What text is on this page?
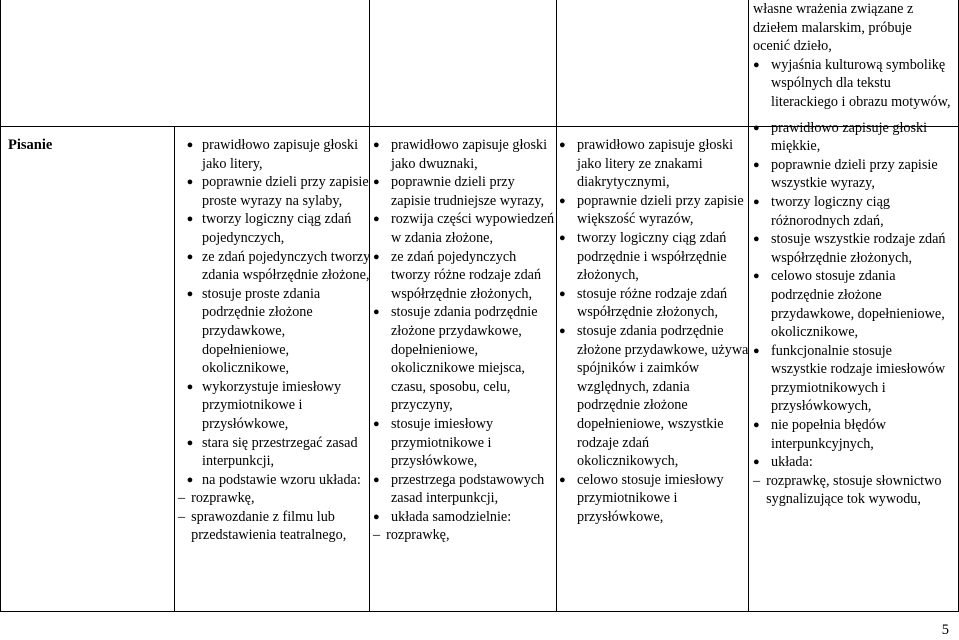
Pisanie	● prawidłowo zapisuje głoski jako litery,
● poprawnie dzieli przy zapisie proste wyrazy na sylaby,
● tworzy logiczny ciąg zdań pojedynczych,
● ze zdań pojedynczych tworzy zdania współrzędnie złożone,
● stosuje proste zdania podrzędnie złożone przydawkowe, dopełnieniowe, okolicznikowe,
● wykorzystuje imiesłowy przymiotnikowe i przysłówkowe,
● stara się przestrzegać zasad interpunkcji,
● na podstawie wzoru układa:
– rozprawkę,
– sprawozdanie z filmu lub przedstawienia teatralnego,
● prawidłowo zapisuje głoski jako dwuznaki,
● poprawnie dzieli przy zapisie trudniejsze wyrazy,
● rozwija części wypowiedzeń w zdania złożone,
● ze zdań pojedynczych tworzy różne rodzaje zdań współrzędnie złożonych,
● stosuje zdania podrzędnie złożone przydawkowe, dopełnieniowe, okolicznikowe miejsca, czasu, sposobu, celu, przyczyny,
● stosuje imiesłowy przymiotnikowe i przysłówkowe,
● przestrzega podstawowych zasad interpunkcji,
● układa samodzielnie:
– rozprawkę,
● prawidłowo zapisuje głoski jako litery ze znakami diakrytycznymi,
● poprawnie dzieli przy zapisie większość wyrazów,
● tworzy logiczny ciąg zdań podrzędnie i współrzędnie złożonych,
● stosuje różne rodzaje zdań współrzędnie złożonych,
● stosuje zdania podrzędnie złożone przydawkowe, używa spójników i zaimków względnych, zdania podrzędnie złożone dopełnieniowe, wszystkie rodzaje zdań okolicznikowych,
● celowo stosuje imiesłowy przymiotnikowe i przysłówkowe,
własne wrażenia związane z dziełem malarskim, próbuje ocenić dzieło,
● wyjaśnia kulturową symbolikę wspólnych dla tekstu literackiego i obrazu motywów,
● prawidłowo zapisuje głoski miękkie,
● poprawnie dzieli przy zapisie wszystkie wyrazy,
● tworzy logiczny ciąg różnorodnych zdań,
● stosuje wszystkie rodzaje zdań współrzędnie złożonych,
● celowo stosuje zdania podrzędnie złożone przydawkowe, dopełnieniowe, okolicznikowe,
● funkcjonalnie stosuje wszystkie rodzaje imiesłowów przymiotnikowych i przysłówkowych,
● nie popełnia błędów interpunkcyjnych,
● układa:
– rozprawkę, stosuje słownictwo sygnalizujące tok wywodu,
5
